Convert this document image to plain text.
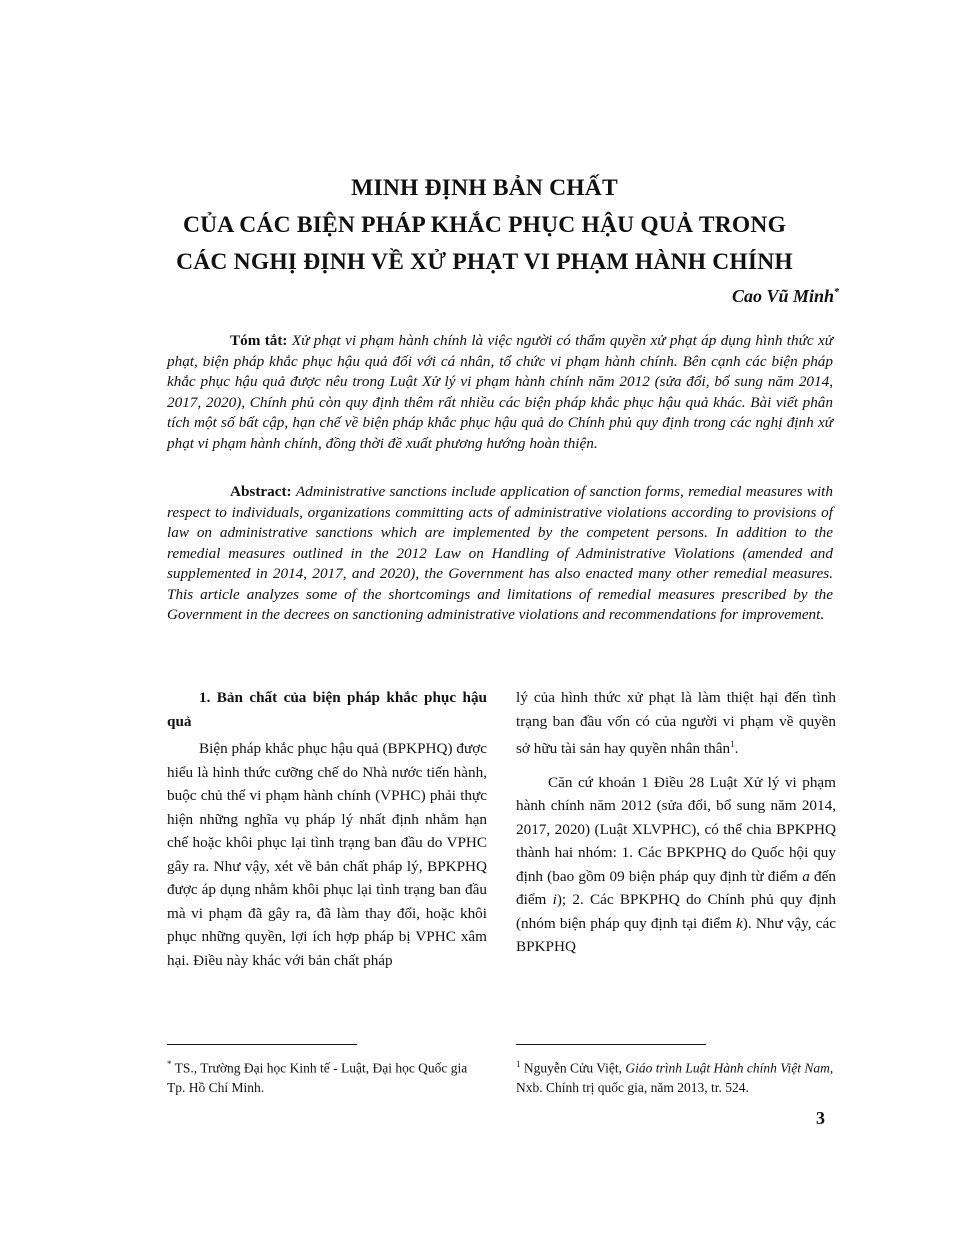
MINH ĐỊNH BẢN CHẤT
CỦA CÁC BIỆN PHÁP KHẮC PHỤC HẬU QUẢ TRONG
CÁC NGHỊ ĐỊNH VỀ XỬ PHẠT VI PHẠM HÀNH CHÍNH
Cao Vũ Minh*

Tóm tắt: Xử phạt vi phạm hành chính là việc người có thẩm quyền xử phạt áp dụng hình thức xử phạt, biện pháp khắc phục hậu quả đối với cá nhân, tổ chức vi phạm hành chính. Bên cạnh các biện pháp khắc phục hậu quả được nêu trong Luật Xử lý vi phạm hành chính năm 2012 (sửa đổi, bổ sung năm 2014, 2017, 2020), Chính phủ còn quy định thêm rất nhiều các biện pháp khắc phục hậu quả khác. Bài viết phân tích một số bất cập, hạn chế về biện pháp khắc phục hậu quả do Chính phủ quy định trong các nghị định xử phạt vi phạm hành chính, đồng thời đề xuất phương hướng hoàn thiện.

Abstract: Administrative sanctions include application of sanction forms, remedial measures with respect to individuals, organizations committing acts of administrative violations according to provisions of law on administrative sanctions which are implemented by the competent persons. In addition to the remedial measures outlined in the 2012 Law on Handling of Administrative Violations (amended and supplemented in 2014, 2017, and 2020), the Government has also enacted many other remedial measures. This article analyzes some of the shortcomings and limitations of remedial measures prescribed by the Government in the decrees on sanctioning administrative violations and recommendations for improvement.

1. Bản chất của biện pháp khắc phục hậu quả

Biện pháp khắc phục hậu quả (BPKPHQ) được hiểu là hình thức cưỡng chế do Nhà nước tiến hành, buộc chủ thể vi phạm hành chính (VPHC) phải thực hiện những nghĩa vụ pháp lý nhất định nhằm hạn chế hoặc khôi phục lại tình trạng ban đầu do VPHC gây ra. Như vậy, xét về bản chất pháp lý, BPKPHQ được áp dụng nhằm khôi phục lại tình trạng ban đầu mà vi phạm đã gây ra, đã làm thay đổi, hoặc khôi phục những quyền, lợi ích hợp pháp bị VPHC xâm hại. Điều này khác với bản chất pháp

lý của hình thức xử phạt là làm thiệt hại đến tình trạng ban đầu vốn có của người vi phạm về quyền sở hữu tài sản hay quyền nhân thân$^1$.

Căn cứ khoản 1 Điều 28 Luật Xử lý vi phạm hành chính năm 2012 (sửa đổi, bổ sung năm 2014, 2017, 2020) (Luật XLVPHC), có thể chia BPKPHQ thành hai nhóm: 1. Các BPKPHQ do Quốc hội quy định (bao gồm 09 biện pháp quy định từ điểm a đến điểm i); 2. Các BPKPHQ do Chính phủ quy định (nhóm biện pháp quy định tại điểm k). Như vậy, các BPKPHQ

* TS., Trường Đại học Kinh tế - Luật, Đại học Quốc gia Tp. Hồ Chí Minh.
$^1$ Nguyễn Cửu Việt, Giáo trình Luật Hành chính Việt Nam, Nxb. Chính trị quốc gia, năm 2013, tr. 524.
3
